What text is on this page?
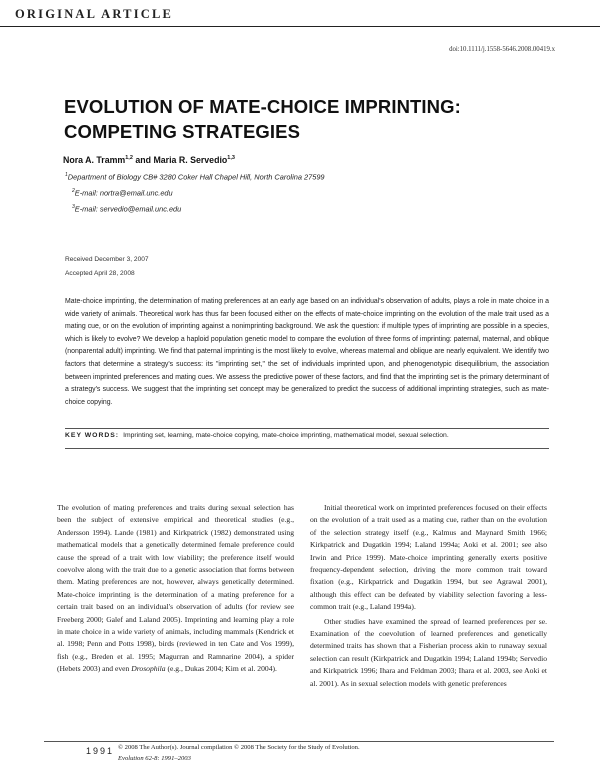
ORIGINAL ARTICLE
doi:10.1111/j.1558-5646.2008.00419.x
EVOLUTION OF MATE-CHOICE IMPRINTING:
COMPETING STRATEGIES
Nora A. Tramm$^{1,2}$ and Maria R. Servedio$^{1,3}$
$^1$Department of Biology CB# 3280 Coker Hall Chapel Hill, North Carolina 27599
$^2$E-mail: nortra@email.unc.edu
$^3$E-mail: servedio@email.unc.edu
Received December 3, 2007
Accepted April 28, 2008
Mate-choice imprinting, the determination of mating preferences at an early age based on an individual's observation of adults, plays a role in mate choice in a wide variety of animals. Theoretical work has thus far been focused either on the effects of mate-choice imprinting on the evolution of the male trait used as a mating cue, or on the evolution of imprinting against a nonimprinting background. We ask the question: if multiple types of imprinting are possible in a species, which is likely to evolve? We develop a haploid population genetic model to compare the evolution of three forms of imprinting: paternal, maternal, and oblique (nonparental adult) imprinting. We find that paternal imprinting is the most likely to evolve, whereas maternal and oblique are nearly equivalent. We identify two factors that determine a strategy's success: its "imprinting set," the set of individuals imprinted upon, and phenogenotypic disequilibrium, the association between imprinted preferences and mating cues. We assess the predictive power of these factors, and find that the imprinting set is the primary determinant of a strategy's success. We suggest that the imprinting set concept may be generalized to predict the success of additional imprinting strategies, such as mate-choice copying.
KEY WORDS: Imprinting set, learning, mate-choice copying, mate-choice imprinting, mathematical model, sexual selection.

The evolution of mating preferences and traits during sexual selection has been the subject of extensive empirical and theoretical studies (e.g., Andersson 1994). Lande (1981) and Kirkpatrick (1982) demonstrated using mathematical models that a genetically determined female preference could cause the spread of a trait with low viability; the preference itself would coevolve along with the trait due to a genetic association that forms between them. Mating preferences are not, however, always genetically determined. Mate-choice imprinting is the determination of a mating preference for a certain trait based on an individual's observation of adults (for review see Freeberg 2000; Galef and Laland 2005). Imprinting and learning play a role in mate choice in a wide variety of animals, including mammals (Kendrick et al. 1998; Penn and Potts 1998), birds (reviewed in ten Cate and Vos 1999), fish (e.g., Breden et al. 1995; Magurran and Ramnarine 2004), a spider (Hebets 2003) and even Drosophila (e.g., Dukas 2004; Kim et al. 2004).

Initial theoretical work on imprinted preferences focused on their effects on the evolution of a trait used as a mating cue, rather than on the evolution of the selection strategy itself (e.g., Kalmus and Maynard Smith 1966; Kirkpatrick and Dugatkin 1994; Laland 1994a; Aoki et al. 2001; see also Irwin and Price 1999). Mate-choice imprinting generally exerts positive frequency-dependent selection, driving the more common trait toward fixation (e.g., Kirkpatrick and Dugatkin 1994, but see Agrawal 2001), although this effect can be defeated by viability selection favoring a less-common trait (e.g., Laland 1994a).

Other studies have examined the spread of learned preferences per se. Examination of the coevolution of learned preferences and genetically determined traits has shown that a Fisherian process akin to runaway sexual selection can result (Kirkpatrick and Dugatkin 1994; Laland 1994b; Servedio and Kirkpatrick 1996; Ihara and Feldman 2003; Ihara et al. 2003, see Aoki et al. 2001). As in sexual selection models with genetic preferences

1991 © 2008 The Author(s). Journal compilation © 2008 The Society for the Study of Evolution.
Evolution 62-8: 1991–2003
